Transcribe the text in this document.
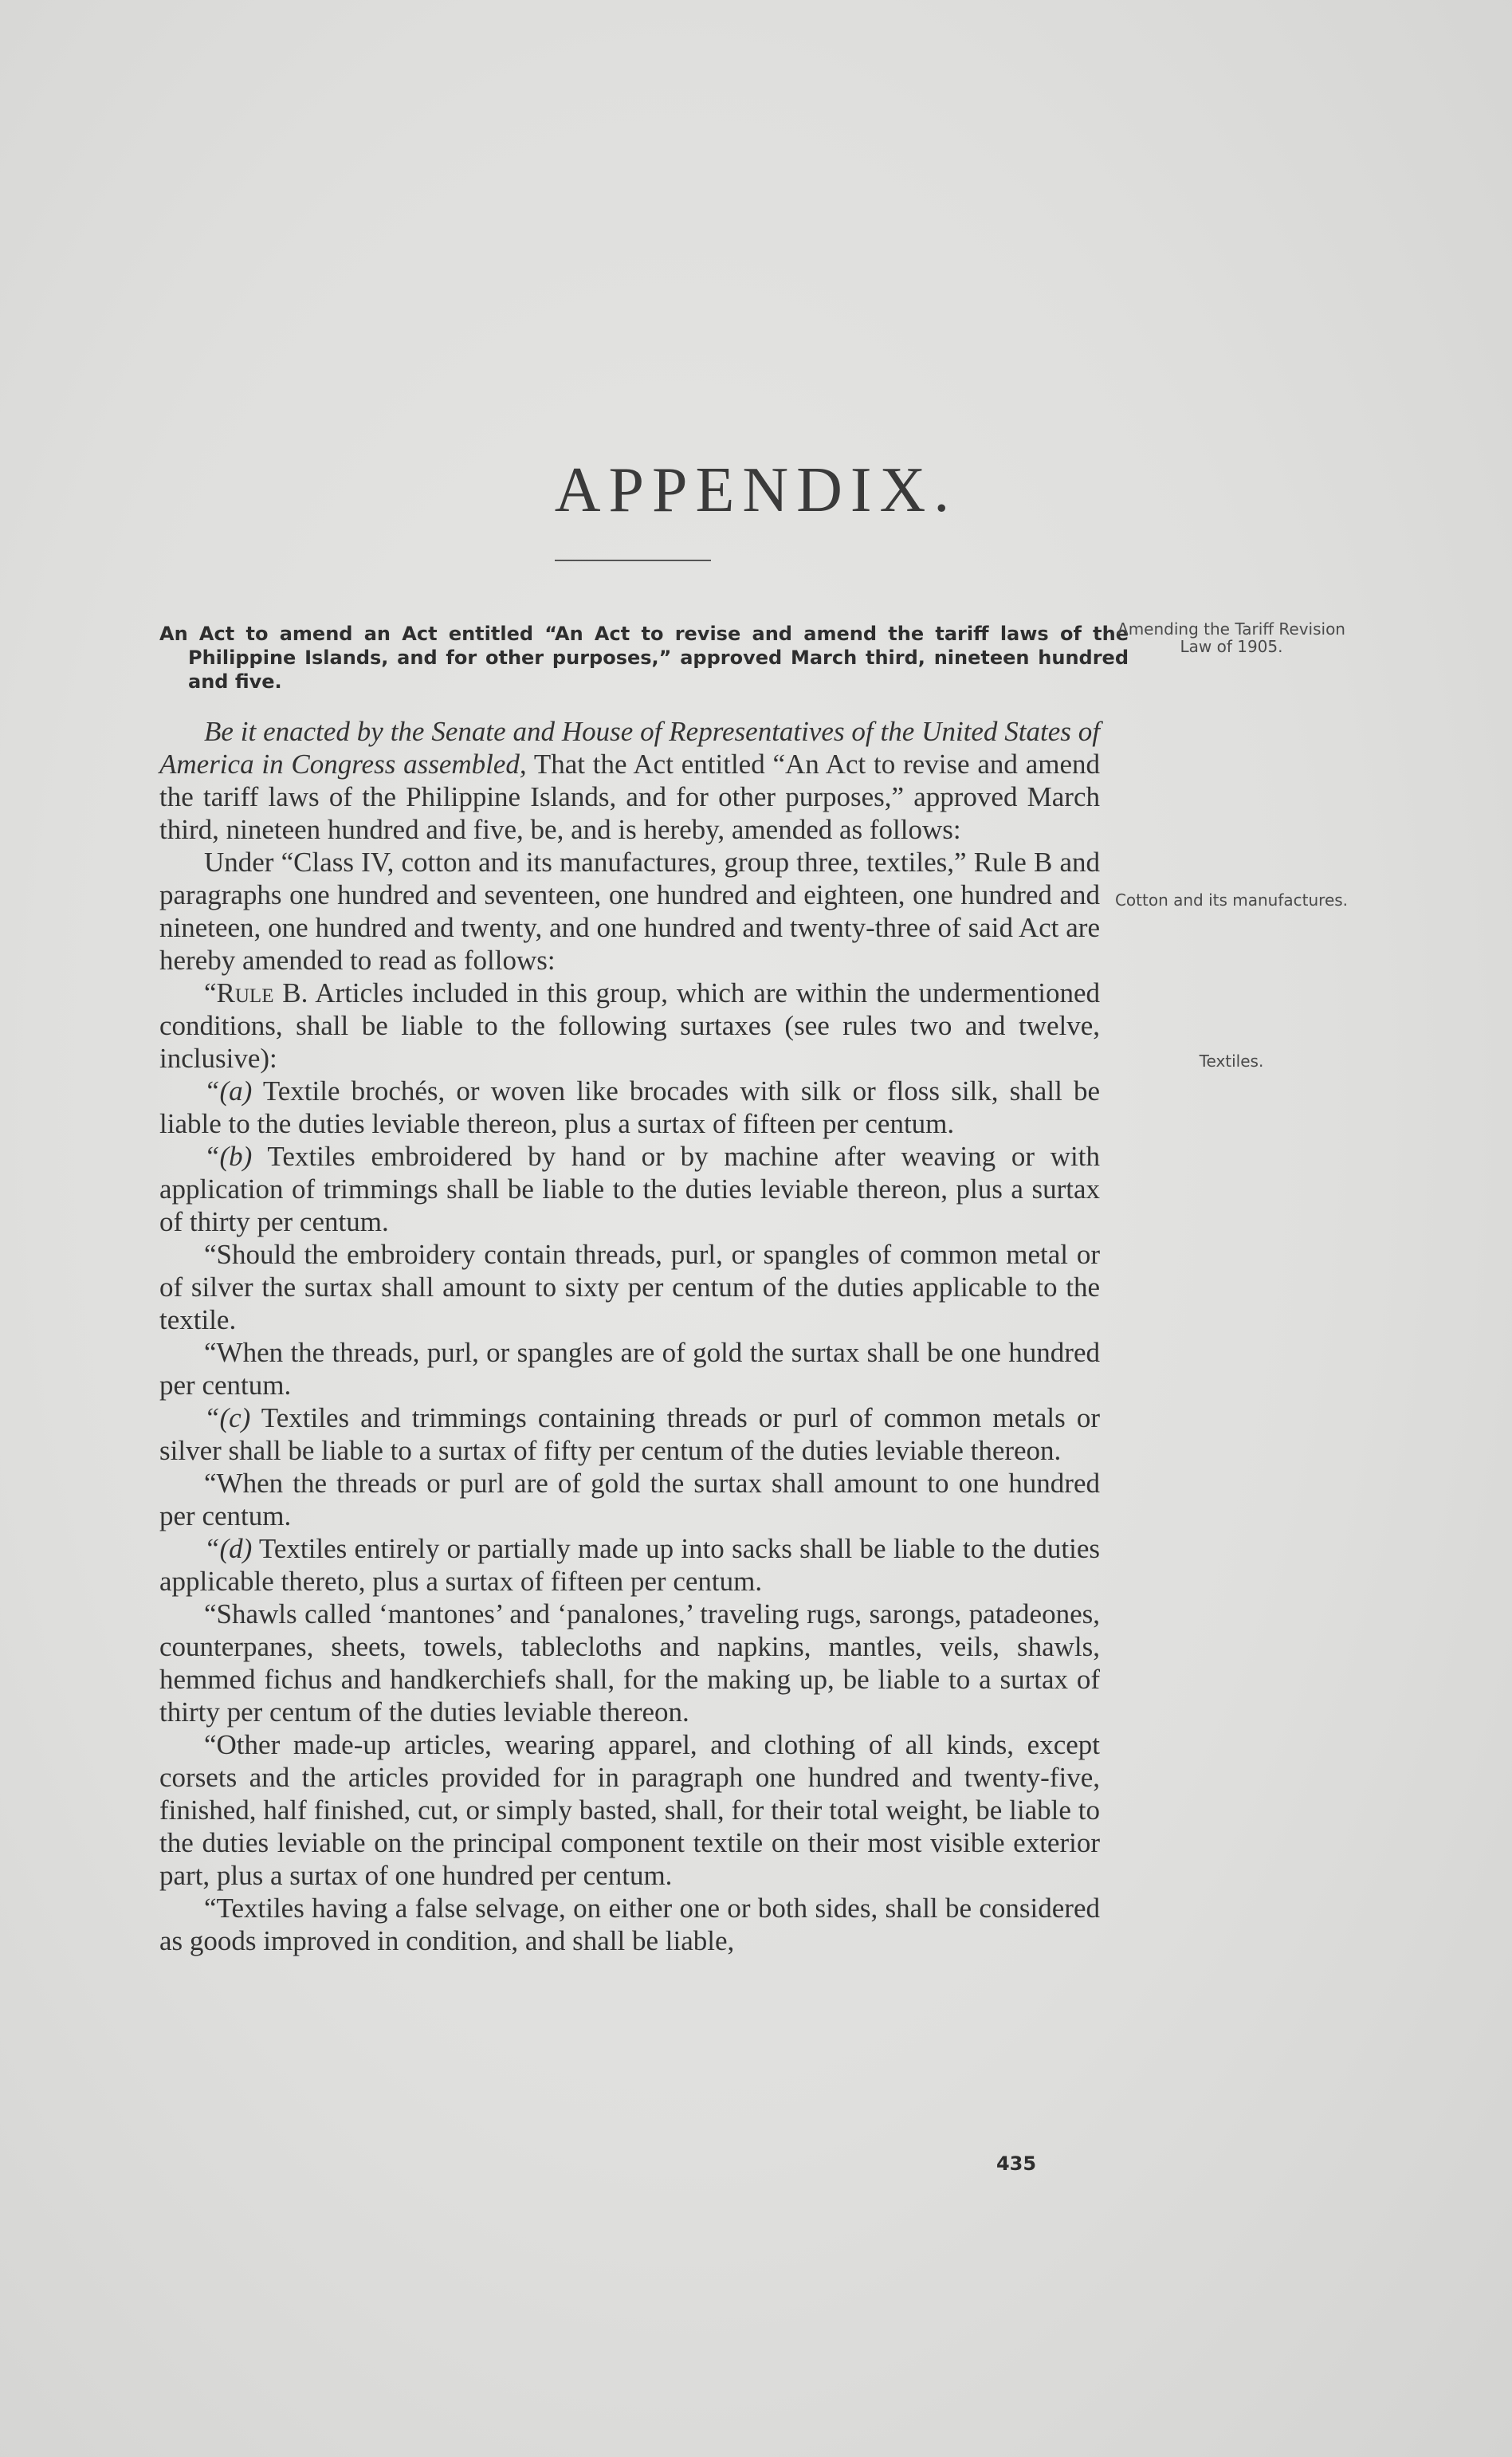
APPENDIX.
An Act to amend an Act entitled “An Act to revise and amend the tariff laws of the Philippine Islands, and for other purposes,” approved March third, nineteen hundred and five.
Amending the Tariff Revision Law of 1905.
Cotton and its manufactures.
Textiles.

Be it enacted by the Senate and House of Representatives of the United States of America in Congress assembled, That the Act entitled “An Act to revise and amend the tariff laws of the Philippine Islands, and for other purposes,” approved March third, nineteen hundred and five, be, and is hereby, amended as follows:

Under “Class IV, cotton and its manufactures, group three, textiles,” Rule B and paragraphs one hundred and seventeen, one hundred and eighteen, one hundred and nineteen, one hundred and twenty, and one hundred and twenty-three of said Act are hereby amended to read as follows:

“Rule B. Articles included in this group, which are within the undermentioned conditions, shall be liable to the following surtaxes (see rules two and twelve, inclusive):

“(a) Textile brochés, or woven like brocades with silk or floss silk, shall be liable to the duties leviable thereon, plus a surtax of fifteen per centum.

“(b) Textiles embroidered by hand or by machine after weaving or with application of trimmings shall be liable to the duties leviable thereon, plus a surtax of thirty per centum.

“Should the embroidery contain threads, purl, or spangles of common metal or of silver the surtax shall amount to sixty per centum of the duties applicable to the textile.

“When the threads, purl, or spangles are of gold the surtax shall be one hundred per centum.

“(c) Textiles and trimmings containing threads or purl of common metals or silver shall be liable to a surtax of fifty per centum of the duties leviable thereon.

“When the threads or purl are of gold the surtax shall amount to one hundred per centum.

“(d) Textiles entirely or partially made up into sacks shall be liable to the duties applicable thereto, plus a surtax of fifteen per centum.

“Shawls called ‘mantones’ and ‘panalones,’ traveling rugs, sarongs, patadeones, counterpanes, sheets, towels, tablecloths and napkins, mantles, veils, shawls, hemmed fichus and handkerchiefs shall, for the making up, be liable to a surtax of thirty per centum of the duties leviable thereon.

“Other made-up articles, wearing apparel, and clothing of all kinds, except corsets and the articles provided for in paragraph one hundred and twenty-five, finished, half finished, cut, or simply basted, shall, for their total weight, be liable to the duties leviable on the principal component textile on their most visible exterior part, plus a surtax of one hundred per centum.

“Textiles having a false selvage, on either one or both sides, shall be considered as goods improved in condition, and shall be liable,

435
